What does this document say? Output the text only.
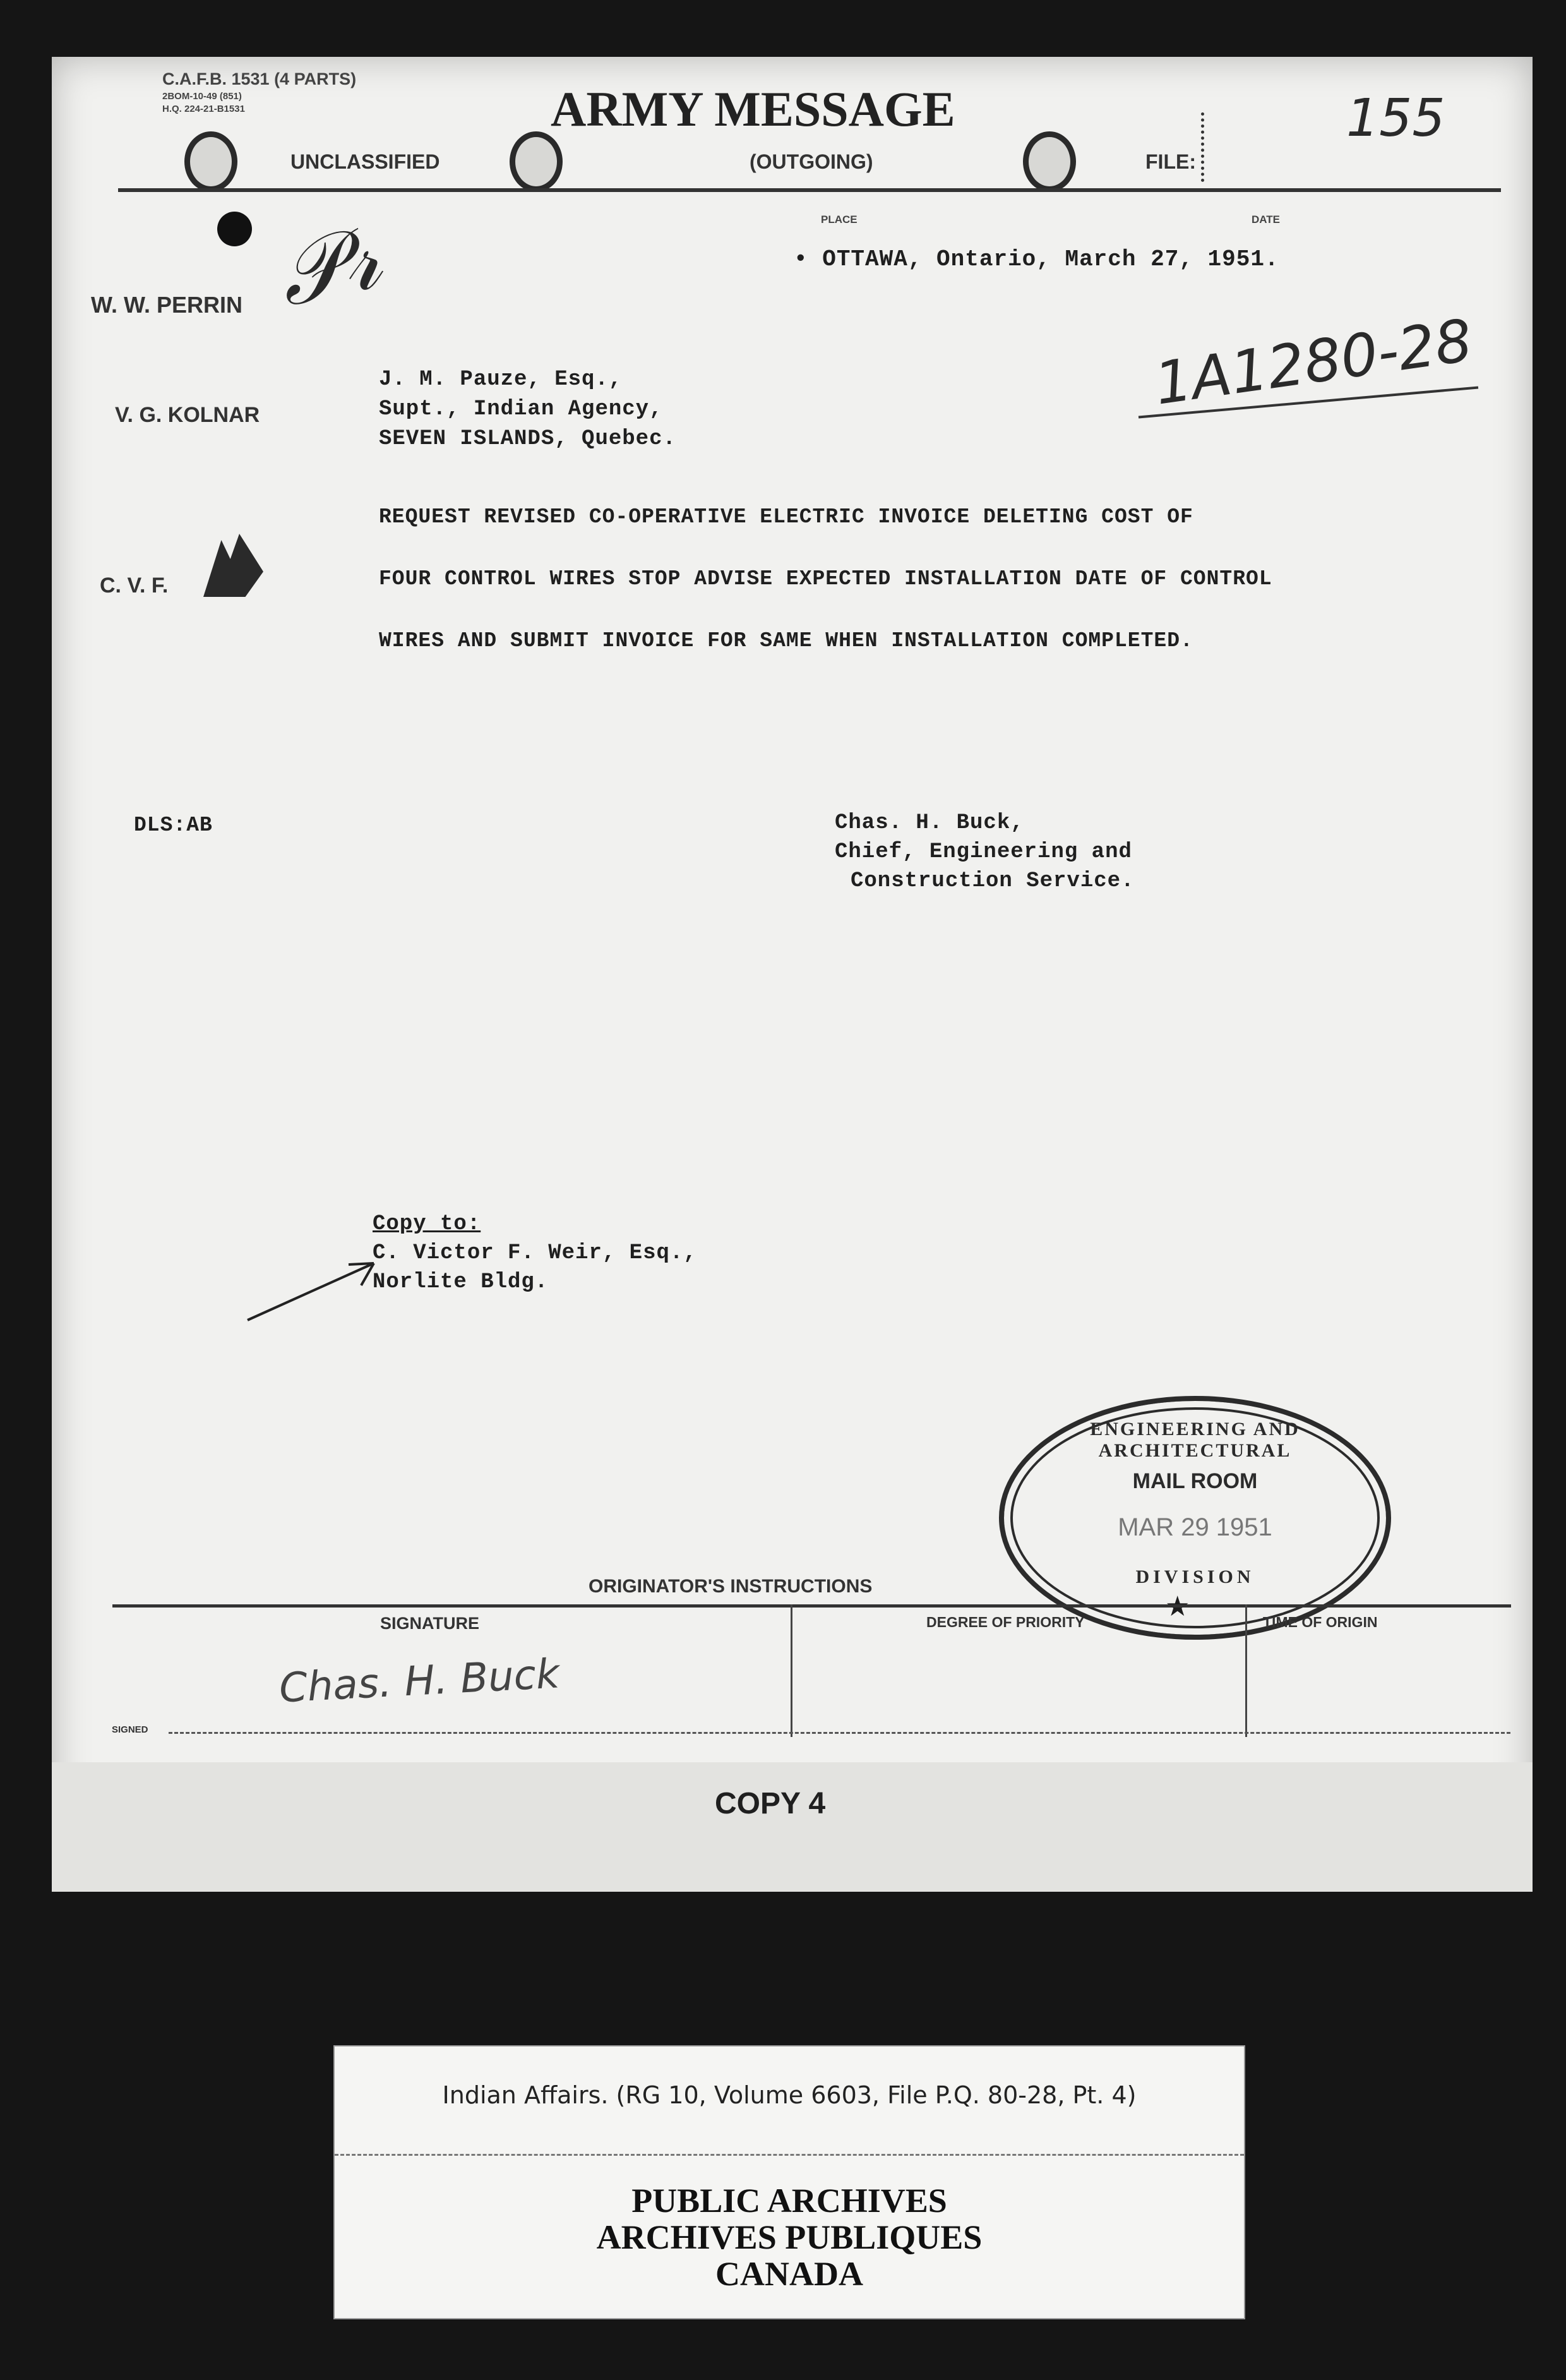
C.A.F.B. 1531 (4 PARTS)
2BOM-10-49 (851)
H.Q. 224-21-B1531	ARMY MESSAGE
UNCLASSIFIED	(OUTGOING)	FILE:
155
PLACE	DATE
• OTTAWA, Ontario, March 27, 1951.
W. W. PERRIN 𝒫𝓇
V. G. KOLNAR
C. V. F.
1A1280-28
J. M. Pauze, Esq.,
Supt., Indian Agency,
SEVEN ISLANDS, Quebec.
REQUEST REVISED CO-OPERATIVE ELECTRIC INVOICE DELETING COST OF
FOUR CONTROL WIRES STOP ADVISE EXPECTED INSTALLATION DATE OF CONTROL
WIRES AND SUBMIT INVOICE FOR SAME WHEN INSTALLATION COMPLETED.
DLS:AB	Chas. H. Buck,
Chief, Engineering and
Construction Service.
Copy to:
C. Victor F. Weir, Esq.,
Norlite Bldg.
ENGINEERING AND ARCHITECTURAL
MAIL ROOM
MAR 29 1951
DIVISION
★
ORIGINATOR'S INSTRUCTIONS
SIGNATURE	DEGREE OF PRIORITY	TIME OF ORIGIN
Chas. H. Buck
SIGNED
COPY 4
Indian Affairs. (RG 10, Volume 6603, File P.Q. 80-28, Pt. 4)
PUBLIC ARCHIVES
ARCHIVES PUBLIQUES
CANADA
